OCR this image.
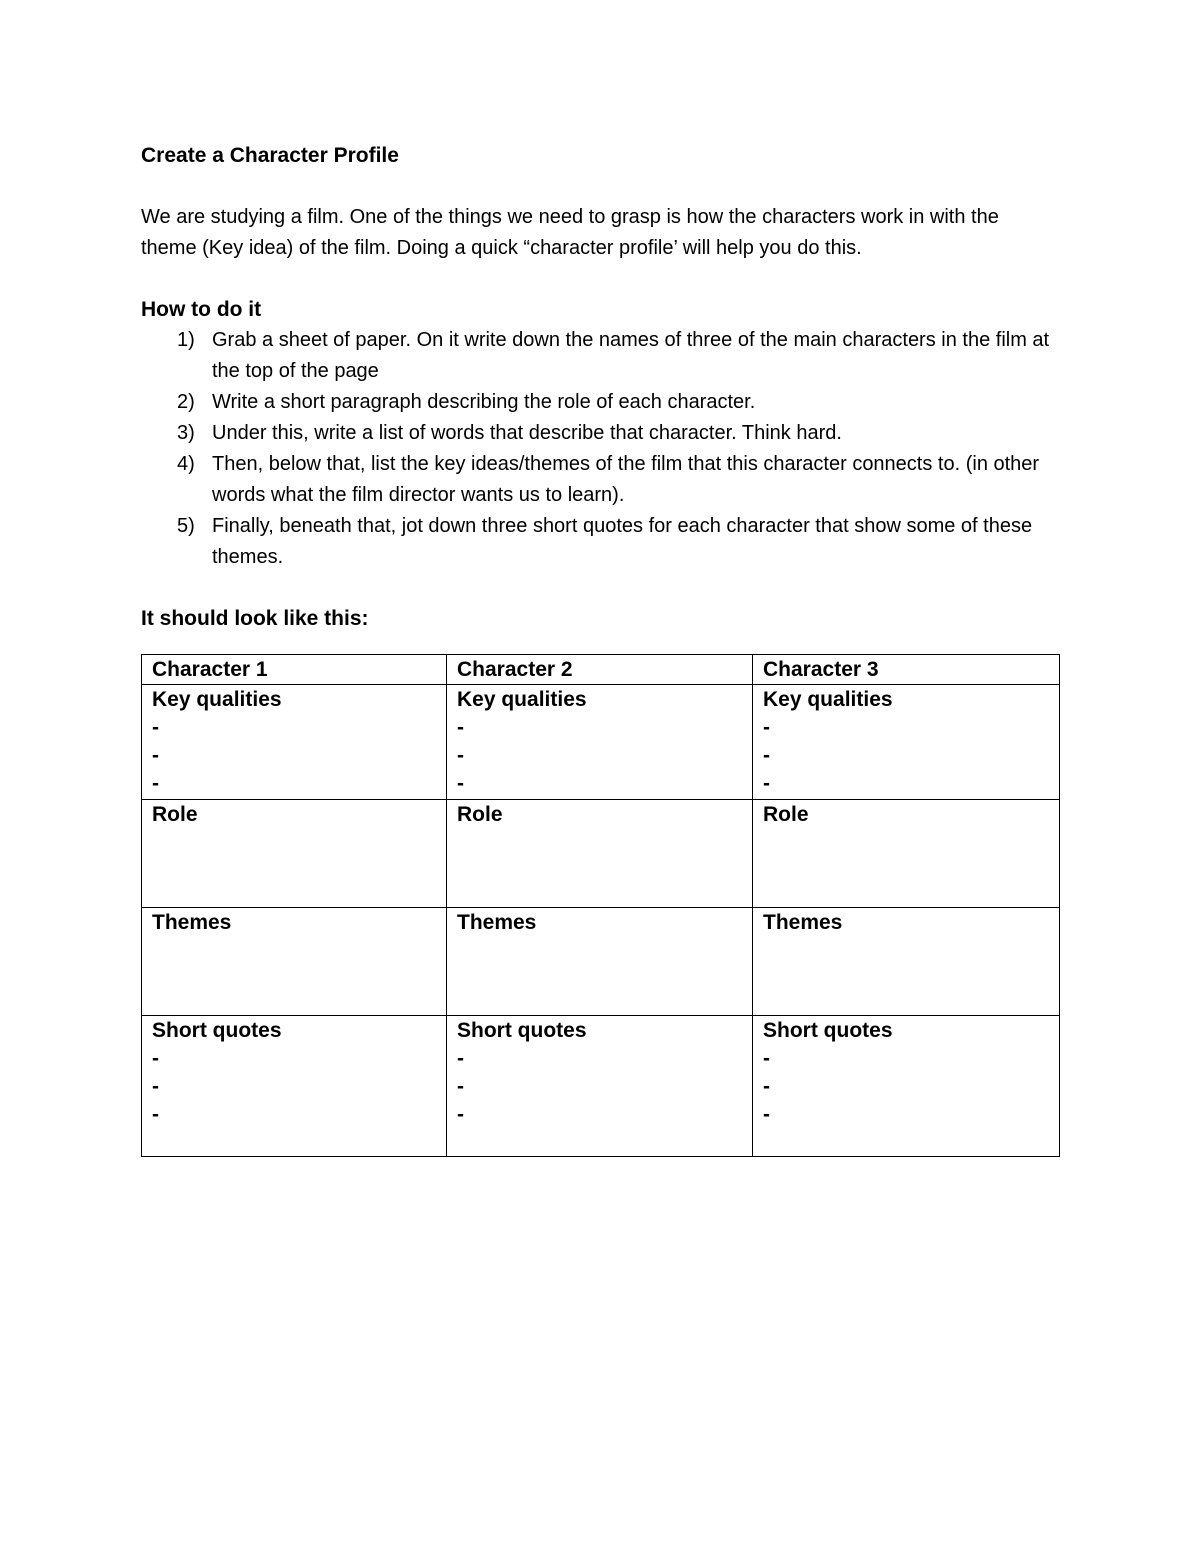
Create a Character Profile

We are studying a film. One of the things we need to grasp is how the characters work in with the theme (Key idea) of the film. Doing a quick “character profile’ will help you do this.

How to do it

1) Grab a sheet of paper. On it write down the names of three of the main characters in the film at the top of the page
2) Write a short paragraph describing the role of each character.
3) Under this, write a list of words that describe that character. Think hard.
4) Then, below that, list the key ideas/themes of the film that this character connects to. (in other words what the film director wants us to learn).
5) Finally, beneath that, jot down three short quotes for each character that show some of these themes.

It should look like this:

Character 1	Character 2	Character 3

Key qualities
-
-
-	Key qualities
-
-
-	Key qualities
-
-
-

Role	Role	Role
Themes	Themes	Themes

Short quotes
-
-
-	Short quotes
-
-
-	Short quotes
-
-
-
